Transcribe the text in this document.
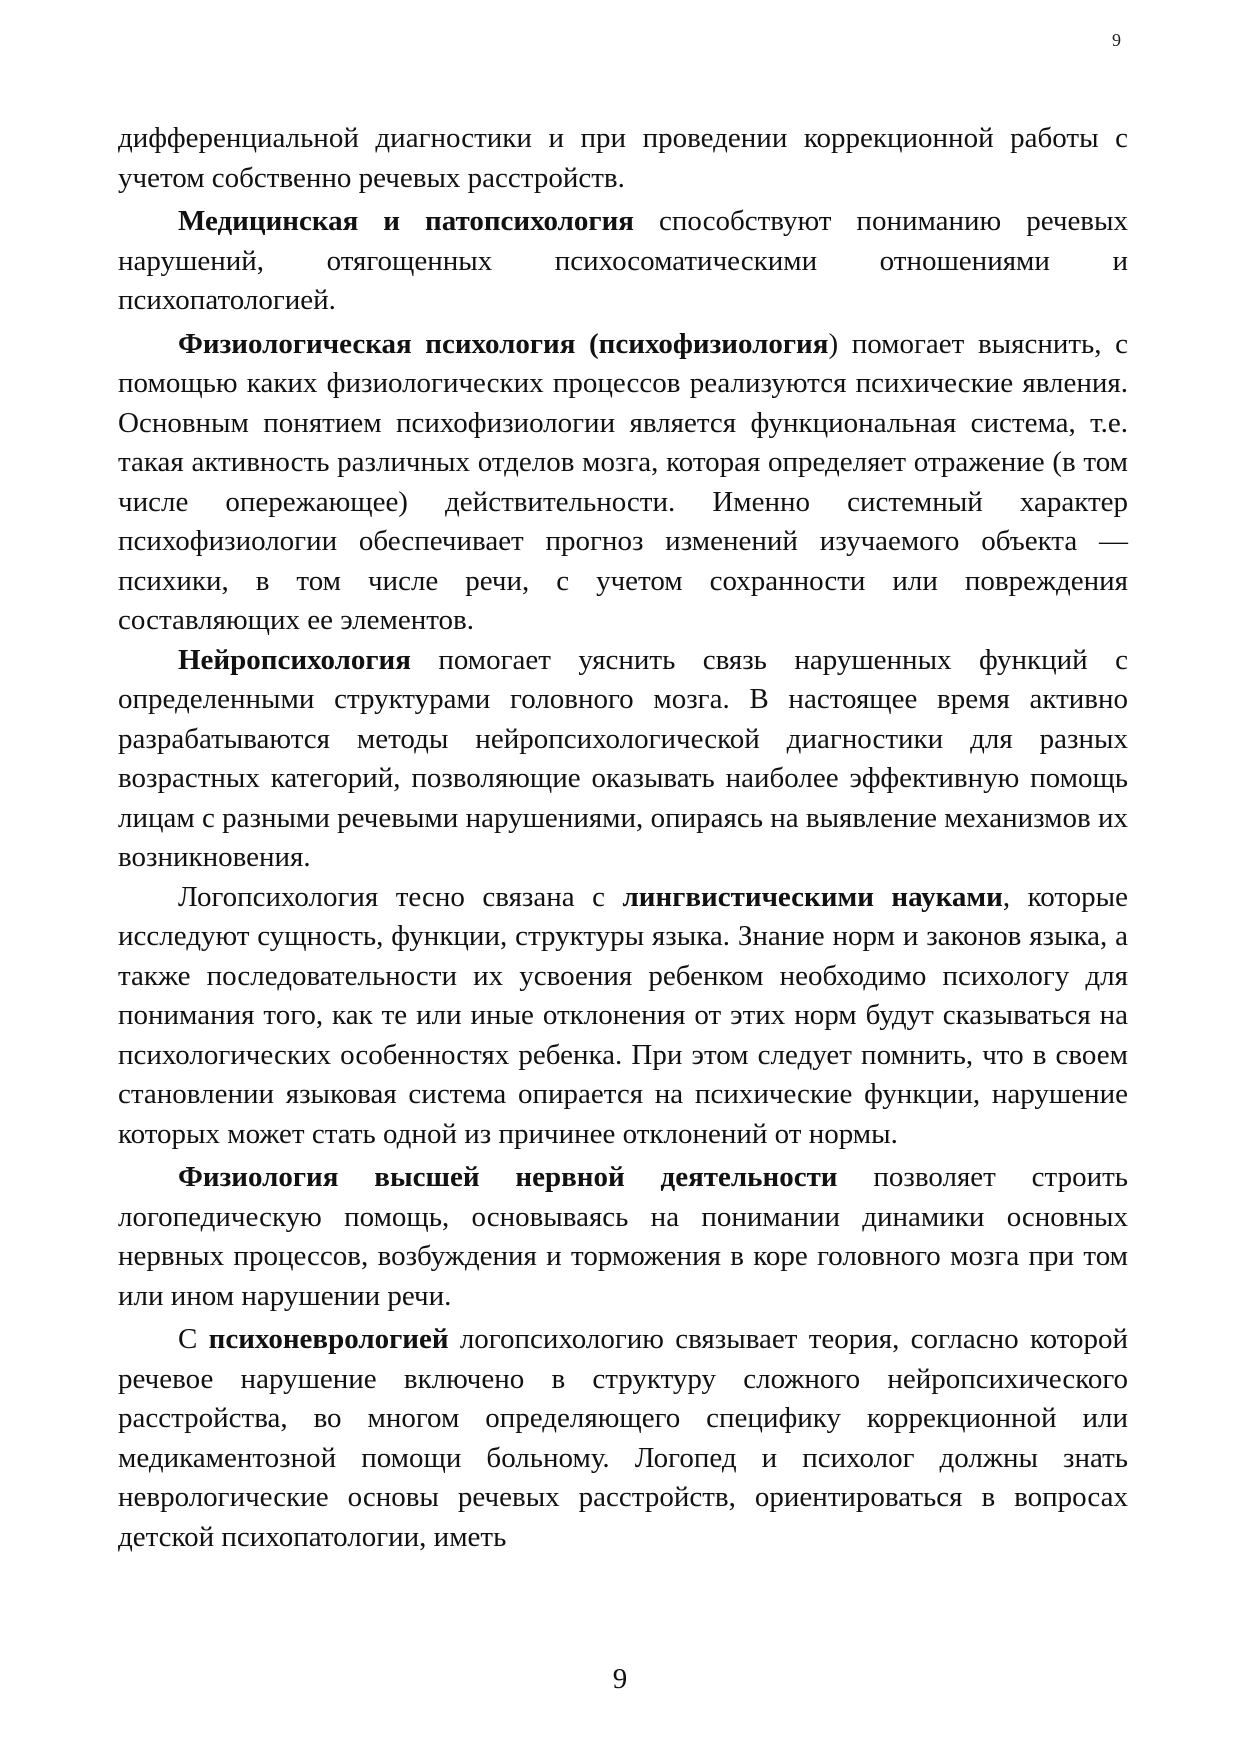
9

дифференциальной диагностики и при проведении коррекционной работы с учетом собственно речевых расстройств.

Медицинская и патопсихология способствуют пониманию речевых нарушений, отягощенных психосоматическими отношениями и психопатологией.

Физиологическая психология (психофизиология) помогает выяснить, с помощью каких физиологических процессов реализуются психические явления. Основным понятием психофизиологии является функциональная система, т.е. такая активность различных отделов мозга, которая определяет отражение (в том числе опережающее) действительности. Именно системный характер психофизиологии обеспечивает прогноз изменений изучаемого объекта — психики, в том числе речи, с учетом сохранности или повреждения составляющих ее элементов.

Нейропсихология помогает уяснить связь нарушенных функций с определенными структурами головного мозга. В настоящее время активно разрабатываются методы нейропсихологической диагностики для разных возрастных категорий, позволяющие оказывать наиболее эффективную помощь лицам с разными речевыми нарушениями, опираясь на выявление механизмов их возникновения.

Логопсихология тесно связана с лингвистическими науками, которые исследуют сущность, функции, структуры языка. Знание норм и законов языка, а также последовательности их усвоения ребенком необходимо психологу для понимания того, как те или иные отклонения от этих норм будут сказываться на психологических особенностях ребенка. При этом следует помнить, что в своем становлении языковая система опирается на психические функции, нарушение которых может стать одной из причинее отклонений от нормы.

Физиология высшей нервной деятельности позволяет строить логопедическую помощь, основываясь на понимании динамики основных нервных процессов, возбуждения и торможения в коре головного мозга при том или ином нарушении речи.

С психоневрологией логопсихологию связывает теория, согласно которой речевое нарушение включено в структуру сложного нейропсихического расстройства, во многом определяющего специфику коррекционной или медикаментозной помощи больному. Логопед и психолог должны знать неврологические основы речевых расстройств, ориентироваться в вопросах детской психопатологии, иметь

9
